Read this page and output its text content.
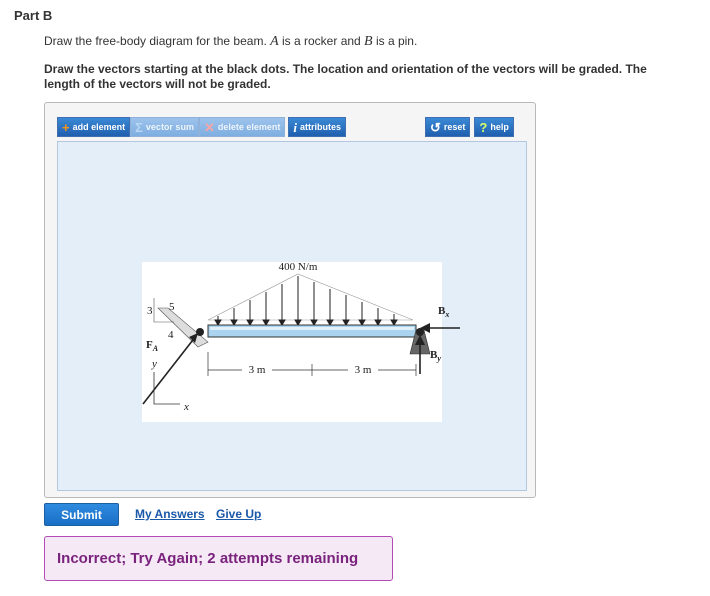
Part B
Draw the free-body diagram for the beam. A is a rocker and B is a pin.
Draw the vectors starting at the black dots. The location and orientation of the vectors will be graded. The length of the vectors will not be graded.
+ add element Σ vector sum ✕ delete element i attributes	↺ reset ? help
400 N/m
3
4
5
$F_A$
y
x
$B_x$
$B_y$
3 m	3 m
Submit	My Answers Give Up
Incorrect; Try Again; 2 attempts remaining
